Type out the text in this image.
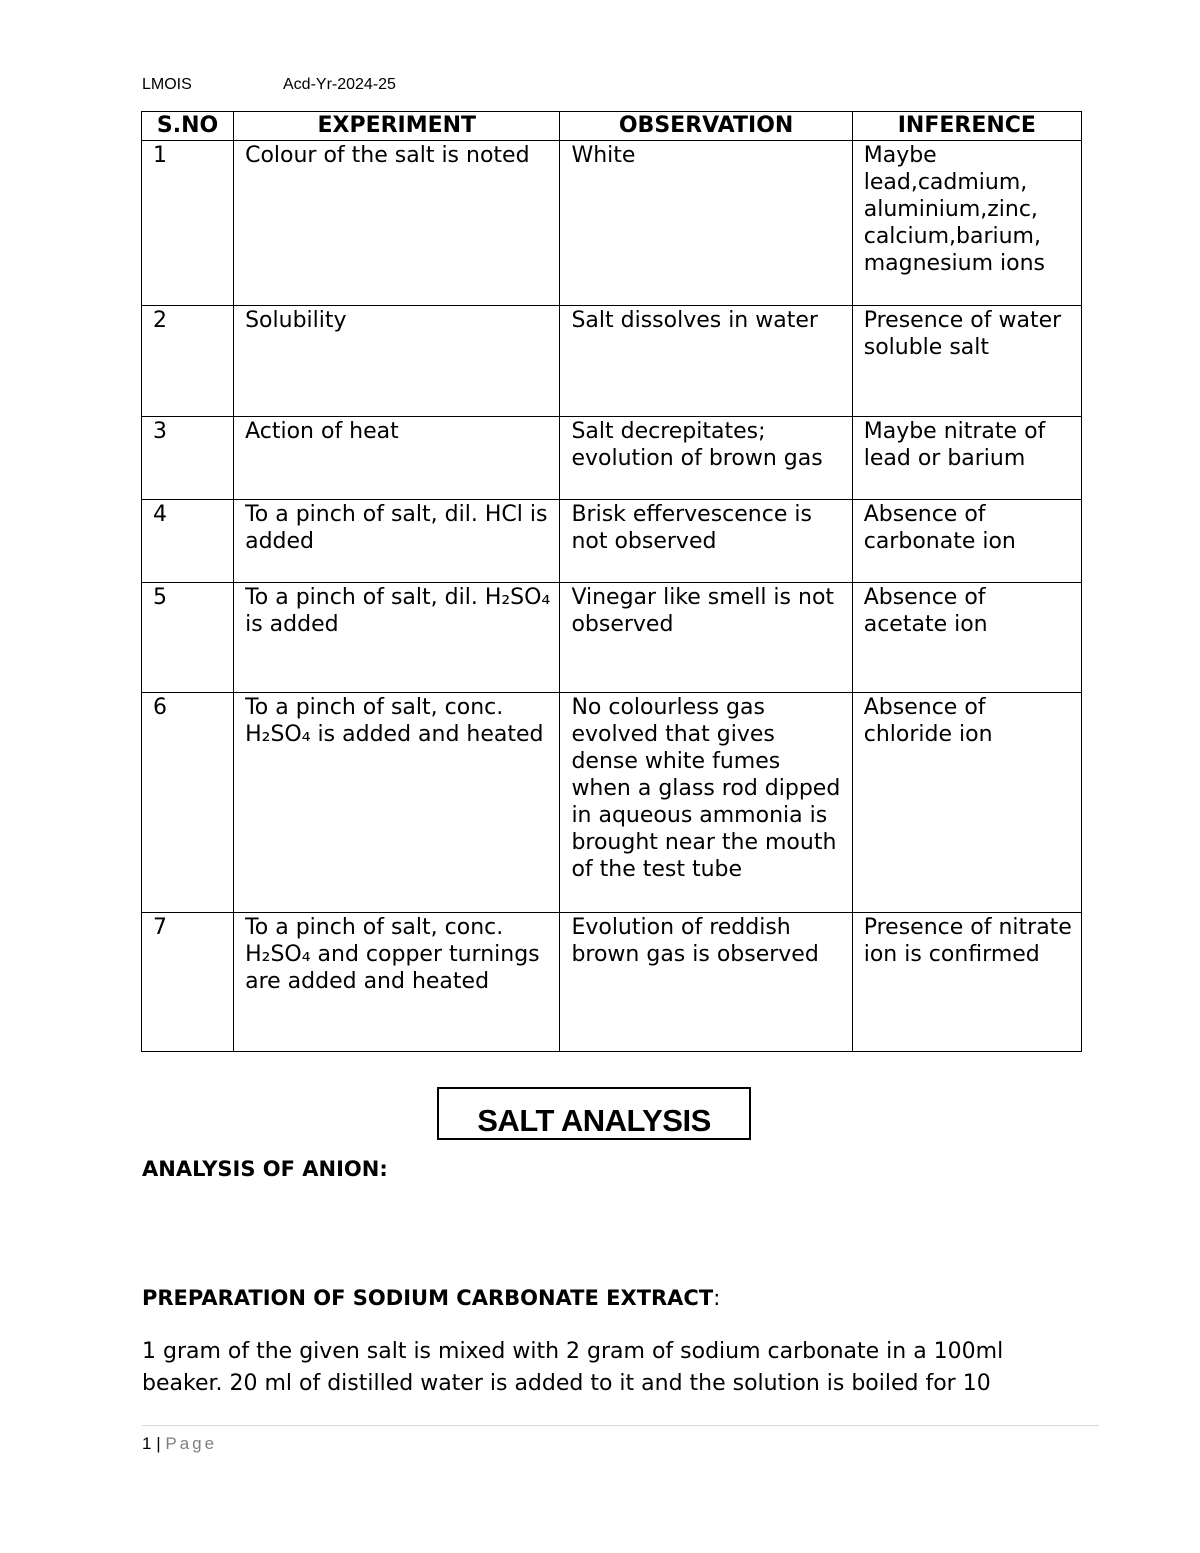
LMOIS	Acd-Yr-2024-25
S.NO	EXPERIMENT	OBSERVATION	INFERENCE
1	Colour of the salt is noted	White	Maybe lead,cadmium, aluminium,zinc, calcium,barium, magnesium ions
2	Solubility	Salt dissolves in water	Presence of water soluble salt
3	Action of heat	Salt decrepitates; evolution of brown gas	Maybe nitrate of lead or barium
4	To a pinch of salt, dil. HCl is added	Brisk effervescence is not observed	Absence of carbonate ion
5	To a pinch of salt, dil. H₂SO₄ is added	Vinegar like smell is not observed	Absence of acetate ion
6	To a pinch of salt, conc. H₂SO₄ is added and heated	No colourless gas evolved that gives dense white fumes when a glass rod dipped in aqueous ammonia is brought near the mouth of the test tube	Absence of chloride ion
7	To a pinch of salt, conc. H₂SO₄ and copper turnings are added and heated	Evolution of reddish brown gas is observed	Presence of nitrate ion is confirmed
SALT ANALYSIS
ANALYSIS OF ANION:
PREPARATION OF SODIUM CARBONATE EXTRACT:
1 gram of the given salt is mixed with 2 gram of sodium carbonate in a 100ml beaker. 20 ml of distilled water is added to it and the solution is boiled for 10
1 | Page
